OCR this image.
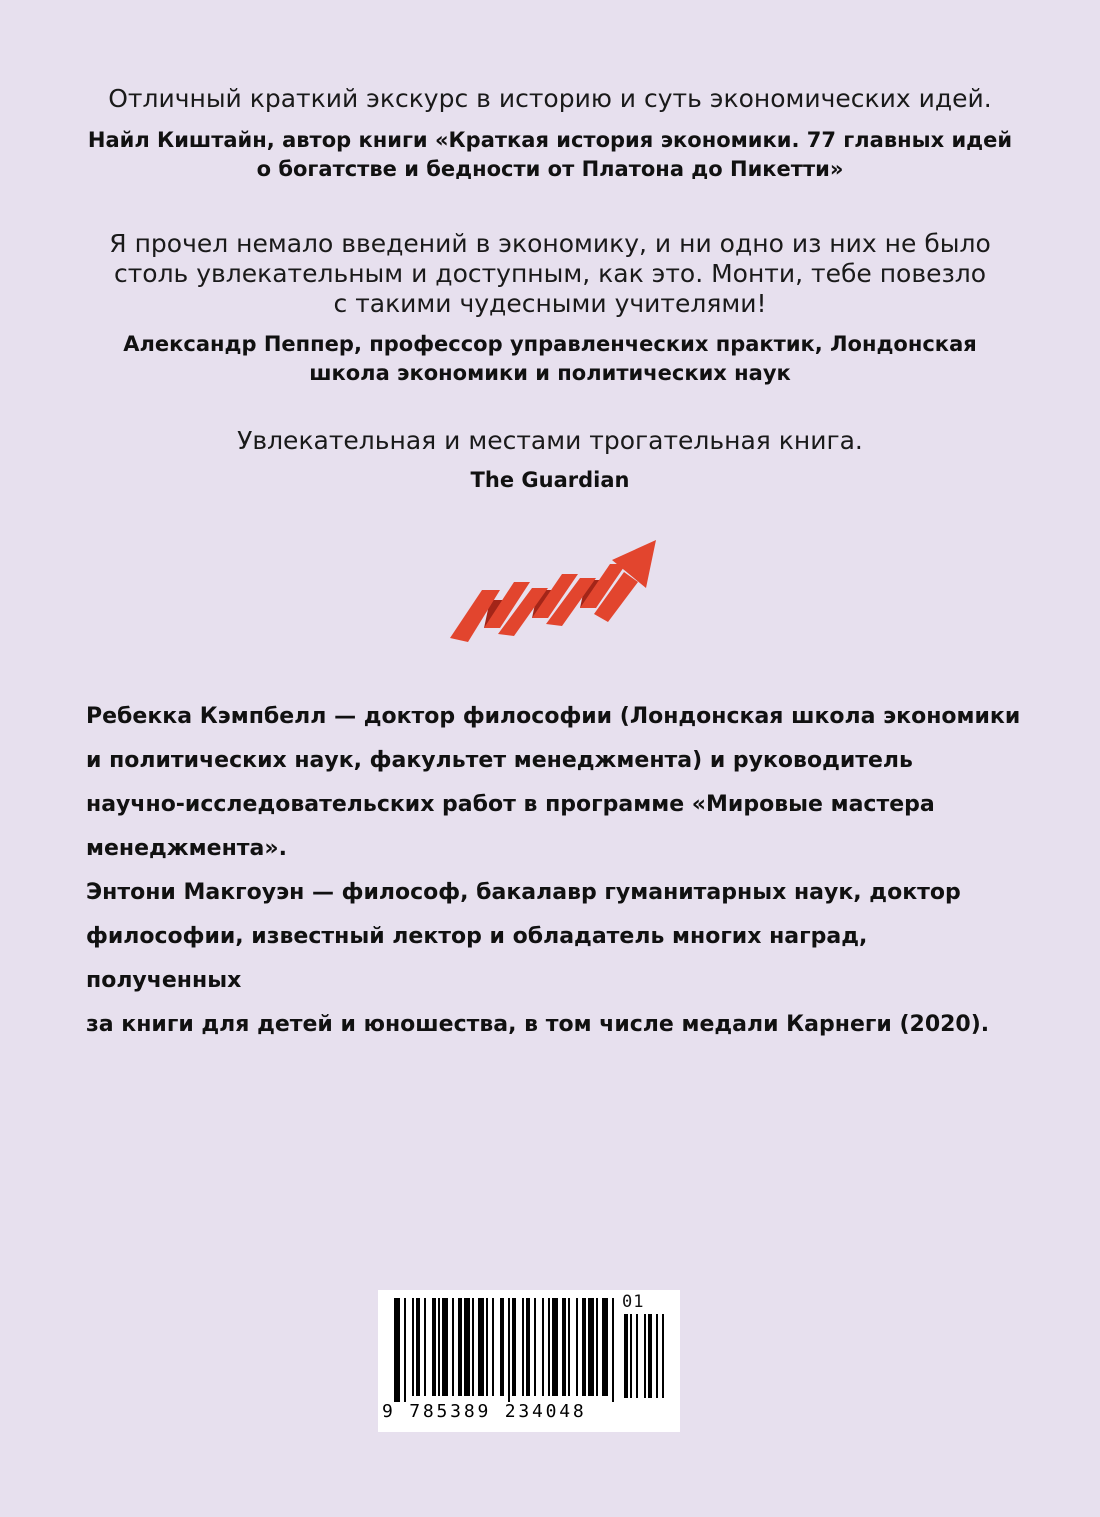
Отличный краткий экскурс в историю и суть экономических идей.

Найл Киштайн, автор книги «Краткая история экономики. 77 главных идей
о богатстве и бедности от Платона до Пикетти»

Я прочел немало введений в экономику, и ни одно из них не было
столь увлекательным и доступным, как это. Монти, тебе повезло
с такими чудесными учителями!

Александр Пеппер, профессор управленческих практик, Лондонская
школа экономики и политических наук

Увлекательная и местами трогательная книга.

The Guardian

Ребекка Кэмпбелл — доктор философии (Лондонская школа экономики
и политических наук, факультет менеджмента) и руководитель
научно-исследовательских работ в программе «Мировые мастера
менеджмента».

Энтони Макгоуэн — философ, бакалавр гуманитарных наук, доктор
философии, известный лектор и обладатель многих наград, полученных
за книги для детей и юношества, в том числе медали Карнеги (2020).

01
9 785389 234048
